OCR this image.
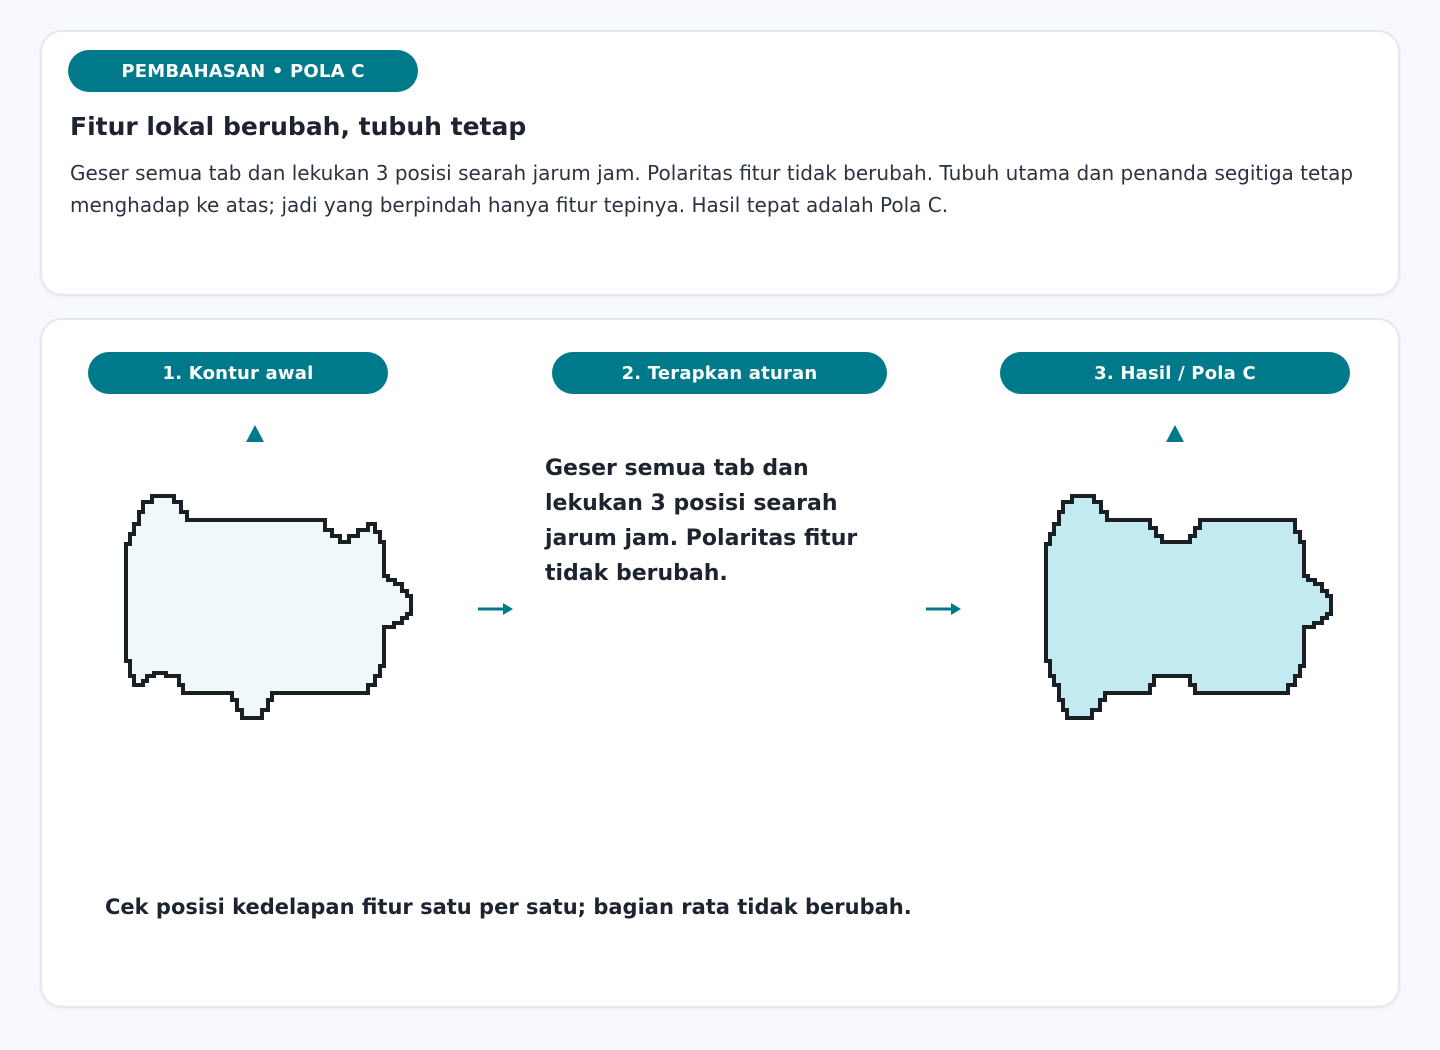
PEMBAHASAN • POLA C
Fitur lokal berubah, tubuh tetap
Geser semua tab dan lekukan 3 posisi searah jarum jam. Polaritas fitur tidak berubah. Tubuh utama dan penanda segitiga tetap menghadap ke atas; jadi yang berpindah hanya fitur tepinya. Hasil tepat adalah Pola C.
1. Kontur awal	2. Terapkan aturan	3. Hasil / Pola C
Geser semua tab dan lekukan 3 posisi searah jarum jam. Polaritas fitur tidak berubah.
Cek posisi kedelapan fitur satu per satu; bagian rata tidak berubah.
